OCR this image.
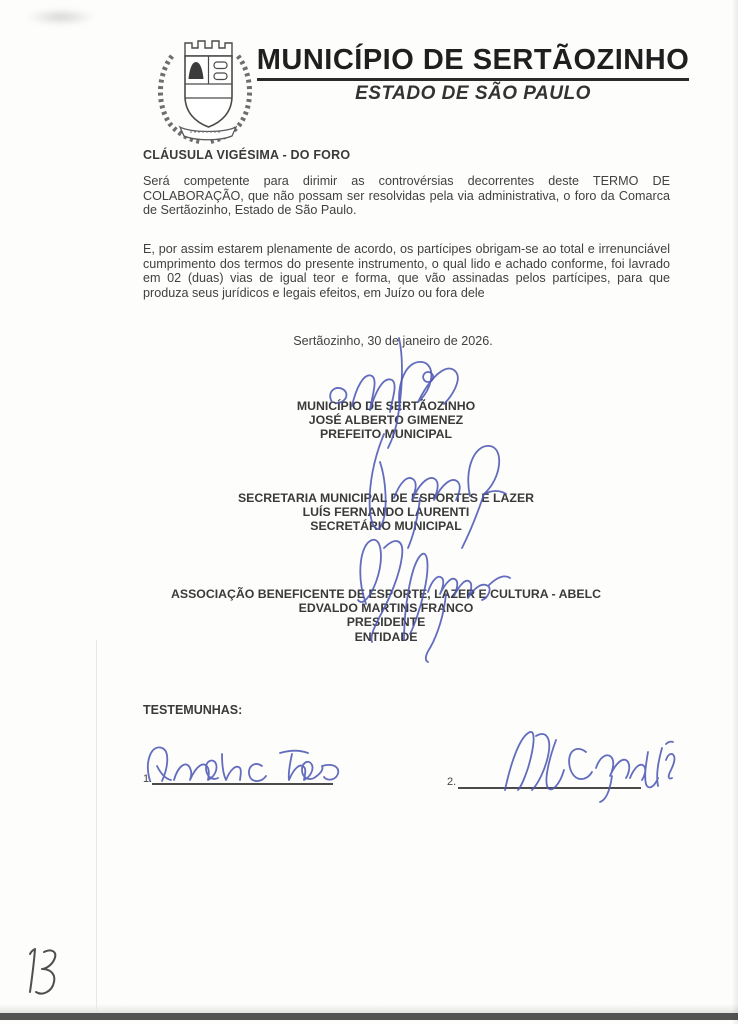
MUNICÍPIO DE SERTÃOZINHO
ESTADO DE SÃO PAULO
CLÁUSULA VIGÉSIMA - DO FORO
Será competente para dirimir as controvérsias decorrentes deste TERMO DE COLABORAÇÃO, que não possam ser resolvidas pela via administrativa, o foro da Comarca de Sertãozinho, Estado de São Paulo.
E, por assim estarem plenamente de acordo, os partícipes obrigam-se ao total e irrenunciável cumprimento dos termos do presente instrumento, o qual lido e achado conforme, foi lavrado em 02 (duas) vias de igual teor e forma, que vão assinadas pelos partícipes, para que produza seus jurídicos e legais efeitos, em Juízo ou fora dele
Sertãozinho, 30 de janeiro de 2026.
MUNICÍPIO DE SERTÃOZINHO
JOSÉ ALBERTO GIMENEZ
PREFEITO MUNICIPAL
SECRETARIA MUNICIPAL DE ESPORTES E LAZER
LUÍS FERNANDO LAURENTI
SECRETÁRIO MUNICIPAL
ASSOCIAÇÃO BENEFICENTE DE ESPORTE, LAZER E CULTURA - ABELC
EDVALDO MARTINS FRANCO
PRESIDENTE
ENTIDADE
TESTEMUNHAS:
1.	2.
